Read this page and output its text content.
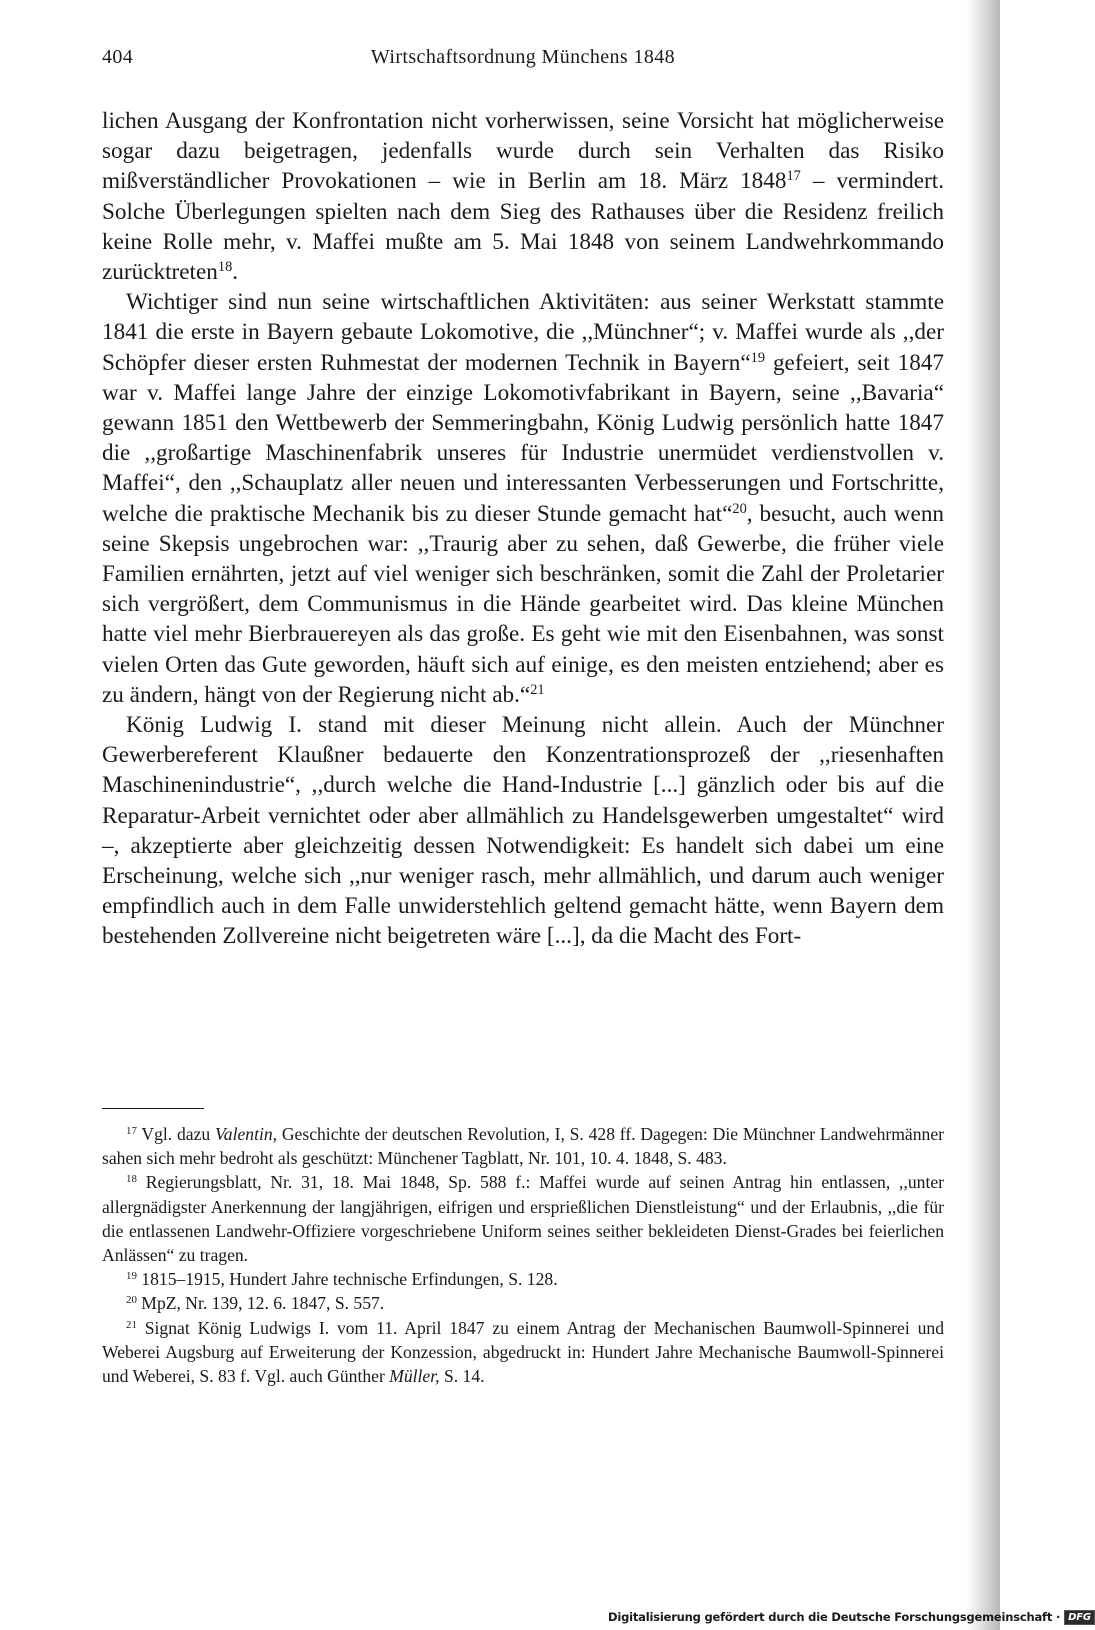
404	Wirtschaftsordnung Münchens 1848

lichen Ausgang der Konfrontation nicht vorherwissen, seine Vorsicht hat möglicherweise sogar dazu beigetragen, jedenfalls wurde durch sein Verhalten das Risiko mißverständlicher Provokationen – wie in Berlin am 18. März 1848$^{17}$ – vermindert. Solche Überlegungen spielten nach dem Sieg des Rathauses über die Residenz freilich keine Rolle mehr, v. Maffei mußte am 5. Mai 1848 von seinem Landwehrkommando zurücktreten$^{18}$.

Wichtiger sind nun seine wirtschaftlichen Aktivitäten: aus seiner Werkstatt stammte 1841 die erste in Bayern gebaute Lokomotive, die ,,Münchner“; v. Maffei wurde als ,,der Schöpfer dieser ersten Ruhmestat der modernen Technik in Bayern“$^{19}$ gefeiert, seit 1847 war v. Maffei lange Jahre der einzige Lokomotivfabrikant in Bayern, seine ,,Bavaria“ gewann 1851 den Wettbewerb der Semmeringbahn, König Ludwig persönlich hatte 1847 die ,,großartige Maschinenfabrik unseres für Industrie unermüdet verdienstvollen v. Maffei“, den ,,Schauplatz aller neuen und interessanten Verbesserungen und Fortschritte, welche die praktische Mechanik bis zu dieser Stunde gemacht hat“$^{20}$, besucht, auch wenn seine Skepsis ungebrochen war: ,,Traurig aber zu sehen, daß Gewerbe, die früher viele Familien ernährten, jetzt auf viel weniger sich beschränken, somit die Zahl der Proletarier sich vergrößert, dem Communismus in die Hände gearbeitet wird. Das kleine München hatte viel mehr Bierbrauereyen als das große. Es geht wie mit den Eisenbahnen, was sonst vielen Orten das Gute geworden, häuft sich auf einige, es den meisten entziehend; aber es zu ändern, hängt von der Regierung nicht ab.“$^{21}$

König Ludwig I. stand mit dieser Meinung nicht allein. Auch der Münchner Gewerbereferent Klaußner bedauerte den Konzentrationsprozeß der ,,riesenhaften Maschinenindustrie“, ,,durch welche die Hand-Industrie [...] gänzlich oder bis auf die Reparatur-Arbeit vernichtet oder aber allmählich zu Handelsgewerben umgestaltet“ wird –, akzeptierte aber gleichzeitig dessen Notwendigkeit: Es handelt sich dabei um eine Erscheinung, welche sich ,,nur weniger rasch, mehr allmählich, und darum auch weniger empfindlich auch in dem Falle unwiderstehlich geltend gemacht hätte, wenn Bayern dem bestehenden Zollvereine nicht beigetreten wäre [...], da die Macht des Fort-

$^{17}$ Vgl. dazu Valentin, Geschichte der deutschen Revolution, I, S. 428 ff. Dagegen: Die Münchner Landwehrmänner sahen sich mehr bedroht als geschützt: Münchener Tagblatt, Nr. 101, 10. 4. 1848, S. 483.

$^{18}$ Regierungsblatt, Nr. 31, 18. Mai 1848, Sp. 588 f.: Maffei wurde auf seinen Antrag hin entlassen, ,,unter allergnädigster Anerkennung der langjährigen, eifrigen und ersprießlichen Dienstleistung“ und der Erlaubnis, ,,die für die entlassenen Landwehr-Offiziere vorgeschriebene Uniform seines seither bekleideten Dienst-Grades bei feierlichen Anlässen“ zu tragen.

$^{19}$ 1815–1915, Hundert Jahre technische Erfindungen, S. 128.

$^{20}$ MpZ, Nr. 139, 12. 6. 1847, S. 557.

$^{21}$ Signat König Ludwigs I. vom 11. April 1847 zu einem Antrag der Mechanischen Baumwoll-Spinnerei und Weberei Augsburg auf Erweiterung der Konzession, abgedruckt in: Hundert Jahre Mechanische Baumwoll-Spinnerei und Weberei, S. 83 f. Vgl. auch Günther Müller, S. 14.

Digitalisierung gefördert durch die Deutsche Forschungsgemeinschaft · DFG
